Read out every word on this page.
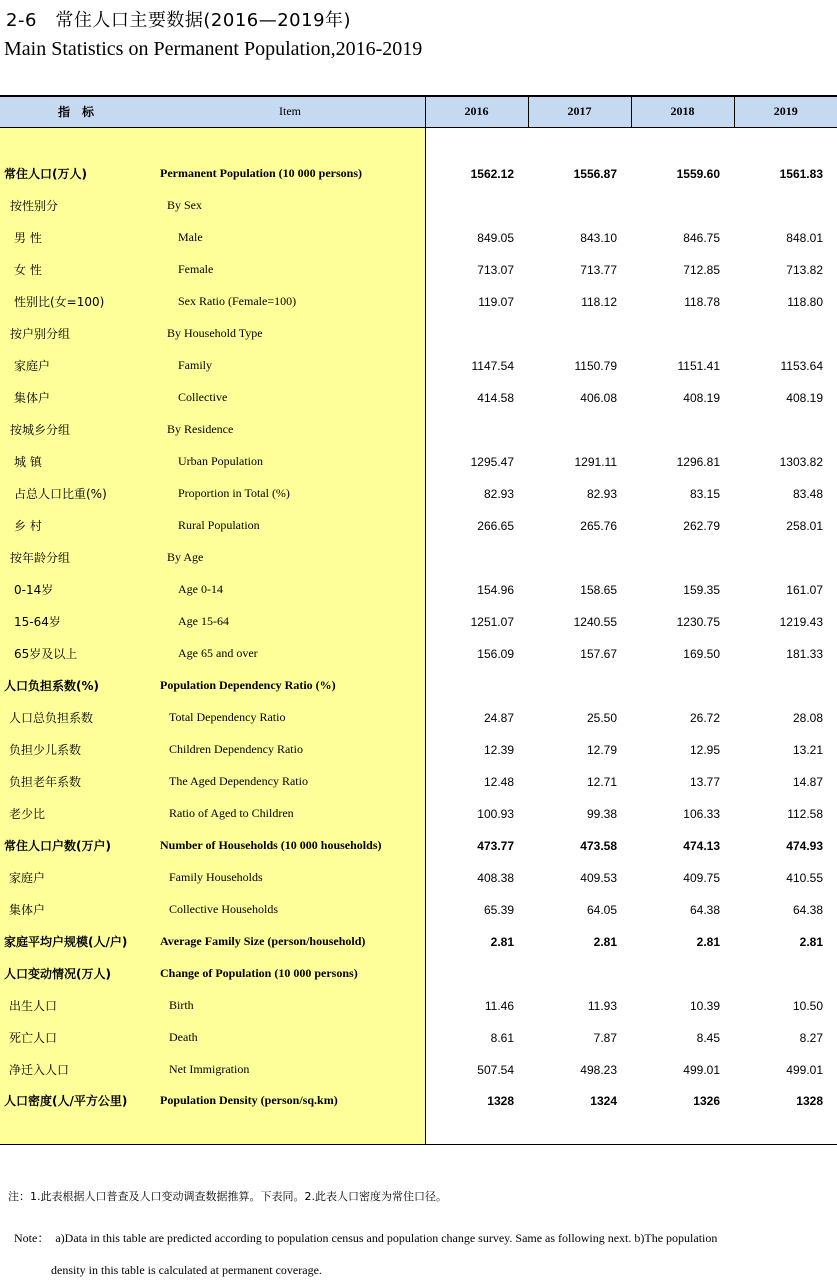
2-6　常住人口主要数据(2016—2019年)
Main Statistics on Permanent Population,2016-2019
指标	Item	2016	2017	2018	2019

常住人口(万人)	Permanent Population (10 000 persons)	1562.12	1556.87	1559.60	1561.83
按性别分	By Sex				
男 性	Male	849.05	843.10	846.75	848.01
女 性	Female	713.07	713.77	712.85	713.82
性别比(女=100)	Sex Ratio (Female=100)	119.07	118.12	118.78	118.80
按户别分组	By Household Type				
家庭户	Family	1147.54	1150.79	1151.41	1153.64
集体户	Collective	414.58	406.08	408.19	408.19
按城乡分组	By Residence				
城 镇	Urban Population	1295.47	1291.11	1296.81	1303.82
占总人口比重(%)	Proportion in Total (%)	82.93	82.93	83.15	83.48
乡 村	Rural Population	266.65	265.76	262.79	258.01
按年龄分组	By Age				
0-14岁	Age 0-14	154.96	158.65	159.35	161.07
15-64岁	Age 15-64	1251.07	1240.55	1230.75	1219.43
65岁及以上	Age 65 and over	156.09	157.67	169.50	181.33
人口负担系数(%)	Population Dependency Ratio (%)				
人口总负担系数	Total Dependency Ratio	24.87	25.50	26.72	28.08
负担少儿系数	Children Dependency Ratio	12.39	12.79	12.95	13.21
负担老年系数	The Aged Dependency Ratio	12.48	12.71	13.77	14.87
老少比	Ratio of Aged to Children	100.93	99.38	106.33	112.58
常住人口户数(万户)	Number of Households (10 000 households)	473.77	473.58	474.13	474.93
家庭户	Family Households	408.38	409.53	409.75	410.55
集体户	Collective Households	65.39	64.05	64.38	64.38
家庭平均户规模(人/户)	Average Family Size (person/household)	2.81	2.81	2.81	2.81
人口变动情况(万人)	Change of Population (10 000 persons)				
出生人口	Birth	11.46	11.93	10.39	10.50
死亡人口	Death	8.61	7.87	8.45	8.27
净迁入人口	Net Immigration	507.54	498.23	499.01	499.01
人口密度(人/平方公里)	Population Density (person/sq.km)	1328	1324	1326	1328

注：1.此表根据人口普查及人口变动调查数据推算。下表同。2.此表人口密度为常住口径。
Note： a)Data in this table are predicted according to population census and population change survey. Same as following next. b)The population
density in this table is calculated at permanent coverage.
